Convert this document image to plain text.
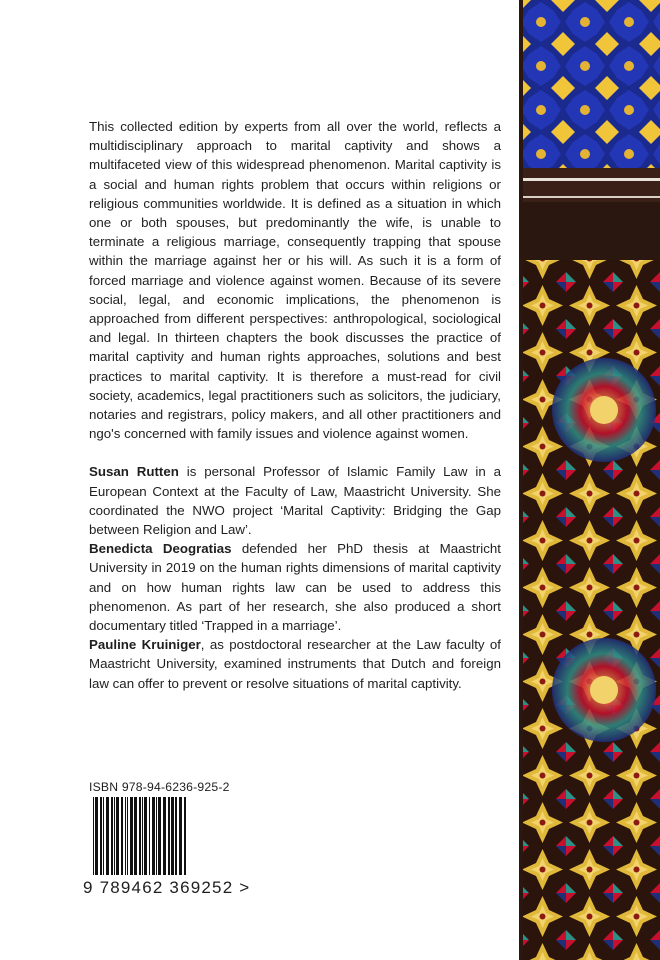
This collected edition by experts from all over the world, reflects a multidisciplinary approach to marital captivity and shows a multifaceted view of this widespread phenomenon. Marital captivity is a social and human rights problem that occurs within religions or religious communities worldwide. It is defined as a situation in which one or both spouses, but predominantly the wife, is unable to terminate a religious marriage, consequently trapping that spouse within the marriage against her or his will. As such it is a form of forced marriage and violence against women. Because of its severe social, legal, and economic implications, the phenomenon is approached from different perspectives: anthropological, sociological and legal. In thirteen chapters the book discusses the practice of marital captivity and human rights approaches, solutions and best practices to marital captivity. It is therefore a must-read for civil society, academics, legal practitioners such as solicitors, the judiciary, notaries and registrars, policy makers, and all other practitioners and ngo's concerned with family issues and violence against women.

Susan Rutten is personal Professor of Islamic Family Law in a European Context at the Faculty of Law, Maastricht University. She coordinated the NWO project ‘Marital Captivity: Bridging the Gap between Religion and Law’.

Benedicta Deogratias defended her PhD thesis at Maastricht University in 2019 on the human rights dimensions of marital captivity and on how human rights law can be used to address this phenomenon. As part of her research, she also produced a short documentary titled ‘Trapped in a marriage’.

Pauline Kruiniger, as postdoctoral researcher at the Law faculty of Maastricht University, examined instruments that Dutch and foreign law can offer to prevent or resolve situations of marital captivity.

ISBN 978-94-6236-925-2
9 789462 369252 >
